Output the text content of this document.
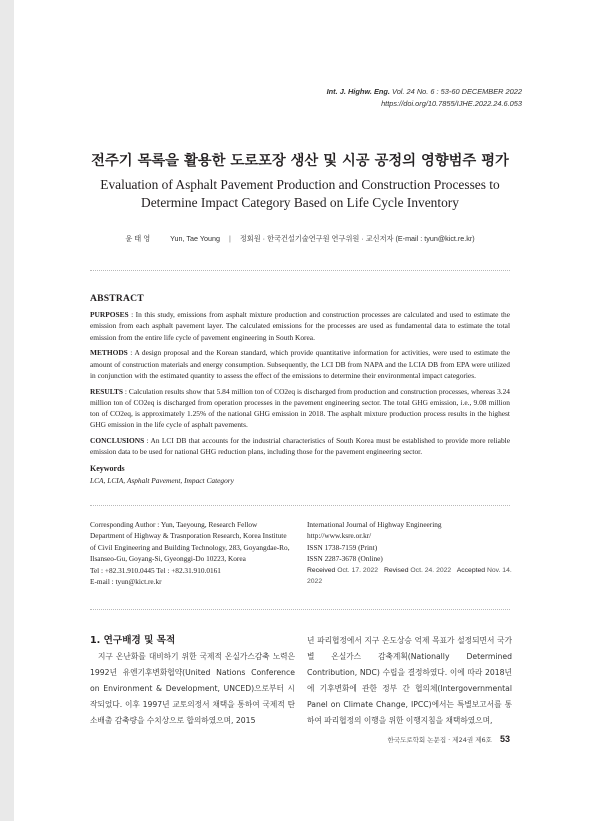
Int. J. Highw. Eng. Vol. 24 No. 6 : 53-60 DECEMBER 2022
https://doi.org/10.7855/IJHE.2022.24.6.053
전주기 목록을 활용한 도로포장 생산 및 시공 공정의 영향범주 평가
Evaluation of Asphalt Pavement Production and Construction Processes to
Determine Impact Category Based on Life Cycle Inventory
윤 태 영	Yun, Tae Young | 정회원 · 한국건설기술연구원 연구위원 · 교신저자 (E-mail : tyun@kict.re.kr)
ABSTRACT

PURPOSES : In this study, emissions from asphalt mixture production and construction processes are calculated and used to estimate the emission from each asphalt pavement layer. The calculated emissions for the processes are used as fundamental data to estimate the total emission from the entire life cycle of pavement engineering in South Korea.

METHODS : A design proposal and the Korean standard, which provide quantitative information for activities, were used to estimate the amount of construction materials and energy consumption. Subsequently, the LCI DB from NAPA and the LCIA DB from EPA were utilized in conjunction with the estimated quantity to assess the effect of the emissions to determine their environmental impact categories.

RESULTS : Calculation results show that 5.84 million ton of CO2eq is discharged from production and construction processes, whereas 3.24 million ton of CO2eq is discharged from operation processes in the pavement engineering sector. The total GHG emission, i.e., 9.08 million ton of CO2eq, is approximately 1.25% of the national GHG emission in 2018. The asphalt mixture production process results in the highest GHG emission in the life cycle of asphalt pavements.

CONCLUSIONS : An LCI DB that accounts for the industrial characteristics of South Korea must be established to provide more reliable emission data to be used for national GHG reduction plans, including those for the pavement engineering sector.

Keywords
LCA, LCIA, Asphalt Pavement, Impact Category
Corresponding Author : Yun, Taeyoung, Research Fellow
Department of Highway & Trasnporation Research, Korea Institute
of Civil Engineering and Building Technology, 283, Goyangdae-Ro,
Ilsanseo-Gu, Goyang-Si, Gyeonggi-Do 10223, Korea
Tel : +82.31.910.0445 Tel : +82.31.910.0161
E-mail : tyun@kict.re.kr
International Journal of Highway Engineering
http://www.ksre.or.kr/
ISSN 1738-7159 (Print)
ISSN 2287-3678 (Online)
Received Oct. 17. 2022 Revised Oct. 24. 2022 Accepted Nov. 14. 2022
1. 연구배경 및 목적

지구 온난화를 대비하기 위한 국제적 온실가스감축 노력은 1992년 유엔기후변화협약(United Nations Conference on Environment & Development, UNCED)으로부터 시작되었다. 이후 1997년 교토의정서 채택을 통하여 국제적 탄소배출 감축량을 수치상으로 합의하였으며, 2015

년 파리협정에서 지구 온도상승 억제 목표가 설정되면서 국가별 온실가스 감축계획(Nationally Determined Contribution, NDC) 수립을 결정하였다. 이에 따라 2018년에 기후변화에 관한 정부 간 협의체(Intergovernmental Panel on Climate Change, IPCC)에서는 특별보고서를 통하여 파리협정의 이행을 위한 이행지침을 채택하였으며,

한국도로학회 논문집 · 제24권 제6호 53
